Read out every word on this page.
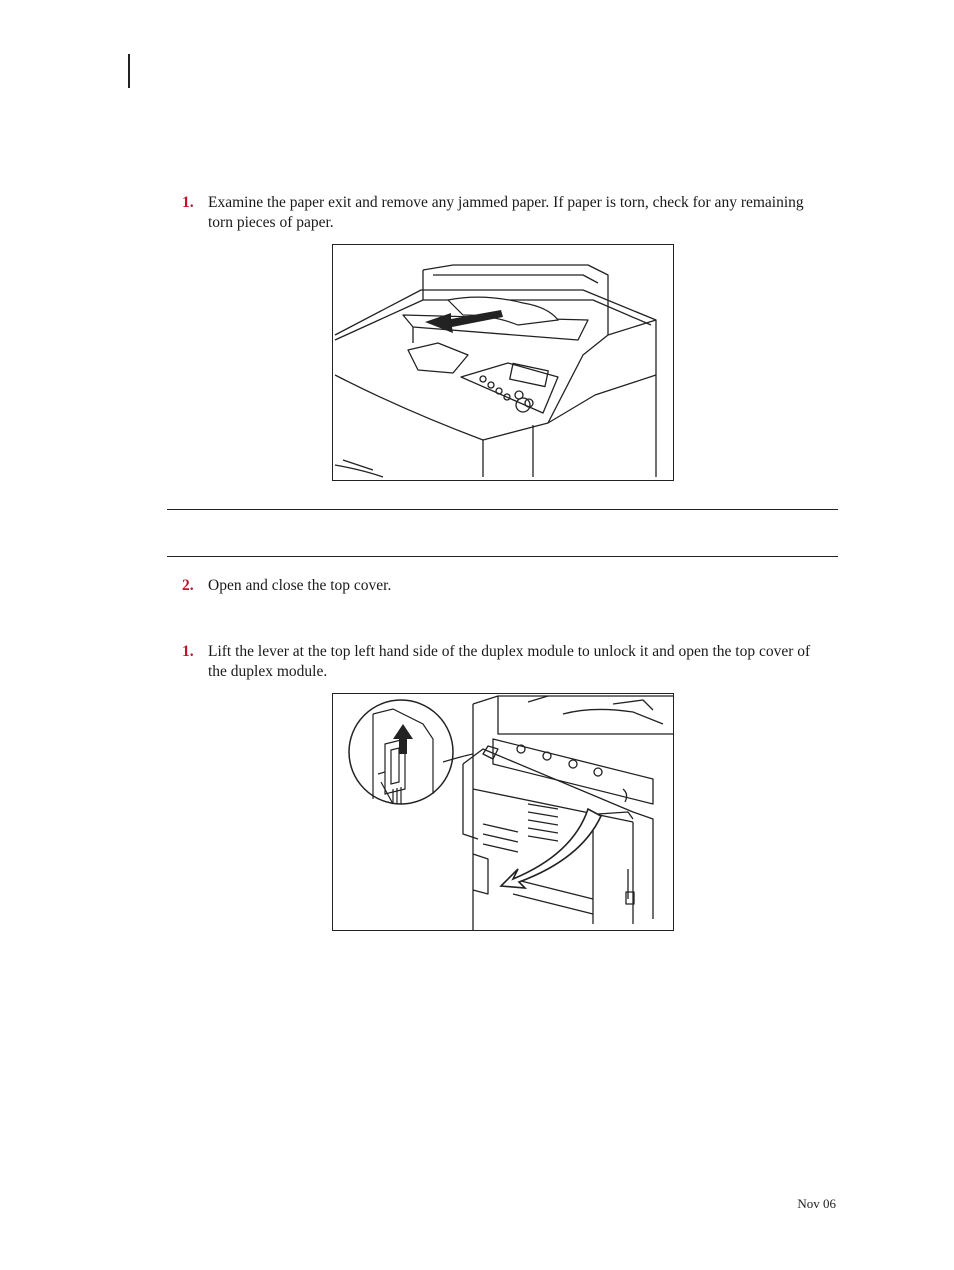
1. Examine the paper exit and remove any jammed paper. If paper is torn, check for any remaining torn pieces of paper.
2. Open and close the top cover.
1. Lift the lever at the top left hand side of the duplex module to unlock it and open the top cover of the duplex module.
Nov 06
